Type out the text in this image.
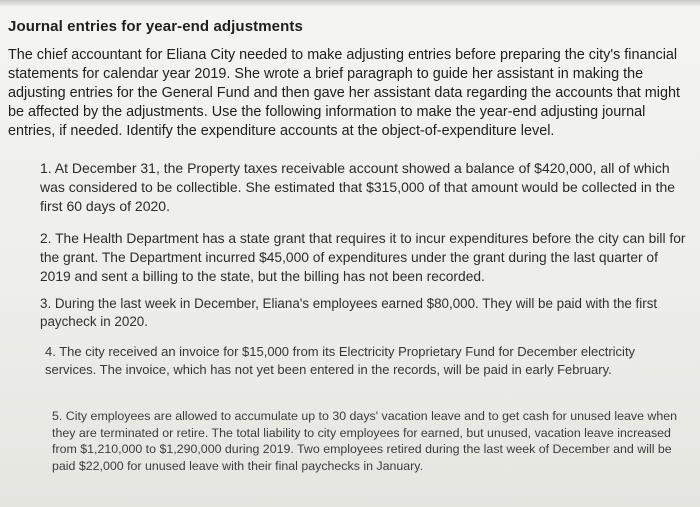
Journal entries for year-end adjustments

The chief accountant for Eliana City needed to make adjusting entries before preparing the city's financial statements for calendar year 2019. She wrote a brief paragraph to guide her assistant in making the adjusting entries for the General Fund and then gave her assistant data regarding the accounts that might be affected by the adjustments. Use the following information to make the year-end adjusting journal entries, if needed. Identify the expenditure accounts at the object-of-expenditure level.

1. At December 31, the Property taxes receivable account showed a balance of $420,000, all of which was considered to be collectible. She estimated that $315,000 of that amount would be collected in the first 60 days of 2020.

2. The Health Department has a state grant that requires it to incur expenditures before the city can bill for the grant. The Department incurred $45,000 of expenditures under the grant during the last quarter of 2019 and sent a billing to the state, but the billing has not been recorded.

3. During the last week in December, Eliana's employees earned $80,000. They will be paid with the first paycheck in 2020.

4. The city received an invoice for $15,000 from its Electricity Proprietary Fund for December electricity services. The invoice, which has not yet been entered in the records, will be paid in early February.

5. City employees are allowed to accumulate up to 30 days' vacation leave and to get cash for unused leave when they are terminated or retire. The total liability to city employees for earned, but unused, vacation leave increased from $1,210,000 to $1,290,000 during 2019. Two employees retired during the last week of December and will be paid $22,000 for unused leave with their final paychecks in January.
